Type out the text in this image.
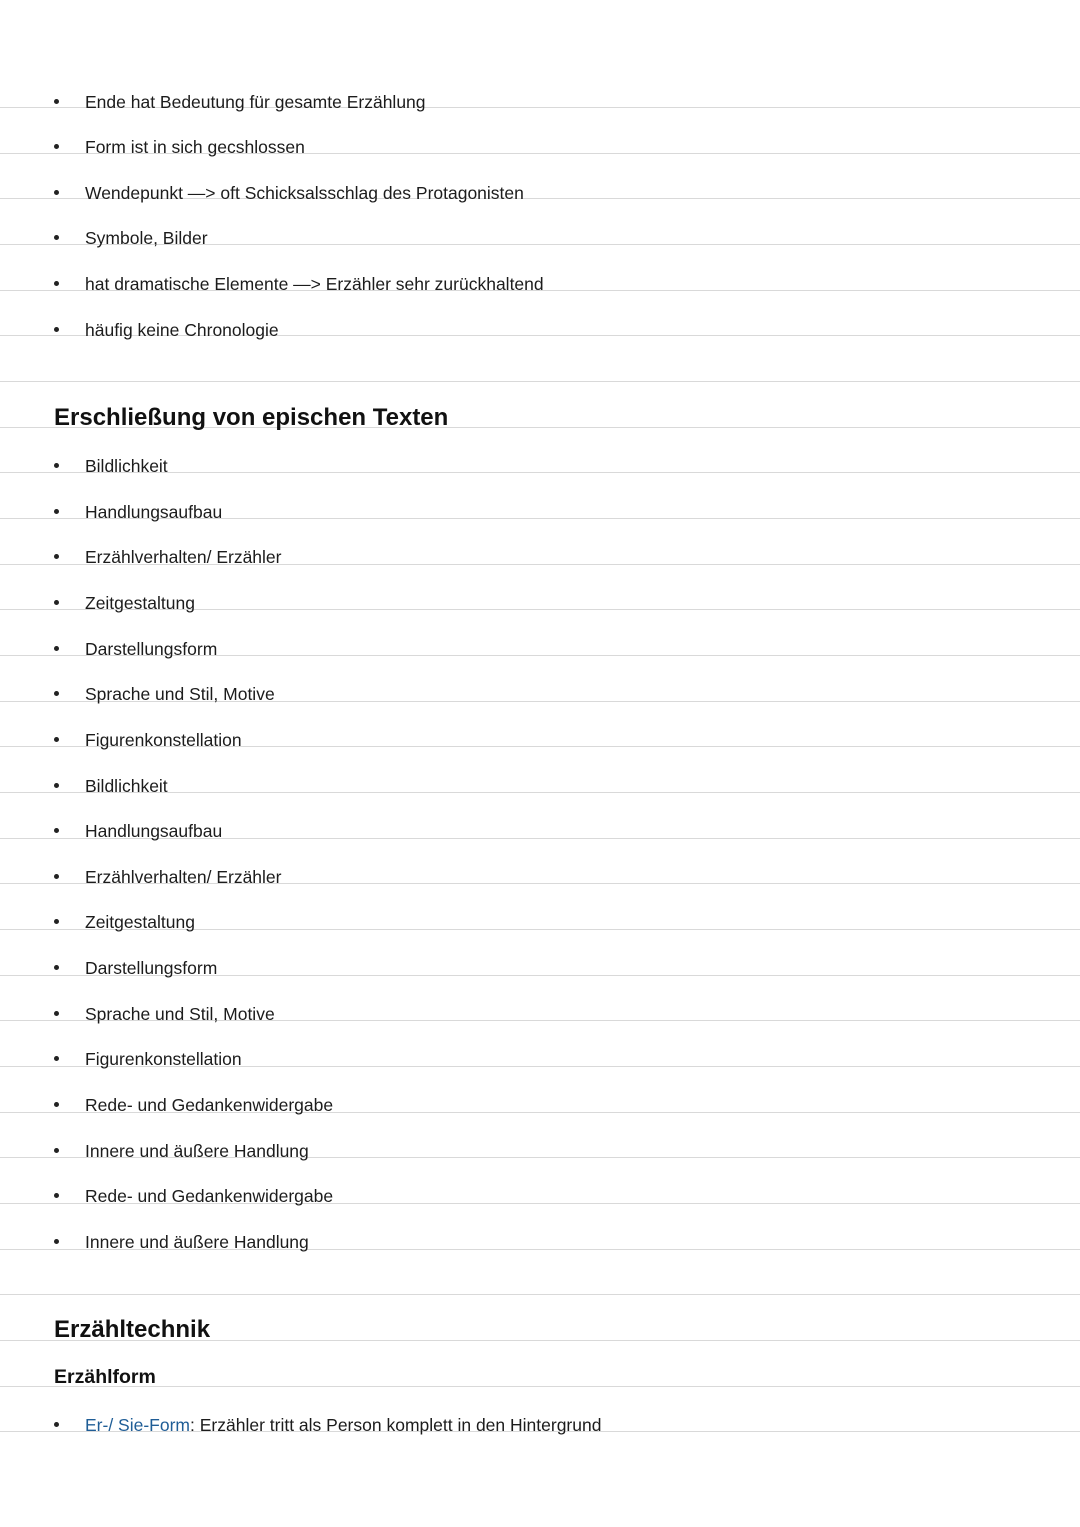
Ende hat Bedeutung für gesamte Erzählung
Form ist in sich gecshlossen
Wendepunkt —> oft Schicksalsschlag des Protagonisten
Symbole, Bilder
hat dramatische Elemente —> Erzähler sehr zurückhaltend
häufig keine Chronologie
Erschließung von epischen Texten
Bildlichkeit
Handlungsaufbau
Erzählverhalten/ Erzähler
Zeitgestaltung
Darstellungsform
Sprache und Stil, Motive
Figurenkonstellation
Bildlichkeit
Handlungsaufbau
Erzählverhalten/ Erzähler
Zeitgestaltung
Darstellungsform
Sprache und Stil, Motive
Figurenkonstellation
Rede- und Gedankenwidergabe
Innere und äußere Handlung
Rede- und Gedankenwidergabe
Innere und äußere Handlung
Erzähltechnik
Erzählform
Er-/ Sie-Form: Erzähler tritt als Person komplett in den Hintergrund
